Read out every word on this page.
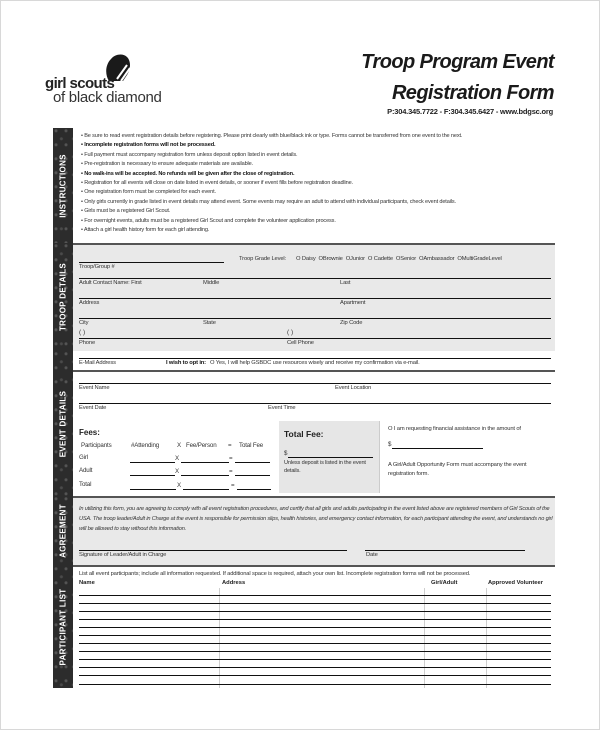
girl scouts
of black diamond
Troop Program Event
Registration Form
P:304.345.7722 - F:304.345.6427 - www.bdgsc.org
INSTRUCTIONS
TROOP DETAILS
EVENT DETAILS
AGREEMENT
PARTICIPANT LIST
• Be sure to read event registration details before registering. Please print clearly with blue/black ink or type. Forms cannot be transferred from one event to the next.
• Incomplete registration forms will not be processed.
• Full payment must accompany registration form unless deposit option listed in event details.
• Pre-registration is necessary to ensure adequate materials are available.
• No walk-ins will be accepted. No refunds will be given after the close of registration.
• Registration for all events will close on date listed in event details, or sooner if event fills before registration deadline.
• One registration form must be completed for each event.
• Only girls currently in grade listed in event details may attend event. Some events may require an adult to attend with individual participants, check event details.
• Girls must be a registered Girl Scout.
• For overnight events, adults must be a registered Girl Scout and complete the volunteer application process.
• Attach a girl health history form for each girl attending.
Troop/Group #
Troop Grade Level: O Daisy OBrownie OJunior O Cadette OSenior OAmbassador OMultiGradeLevel
Adult Contact Name: First	Middle	Last
Address	Apartment
City	State	Zip Code
( )	( )
Phone	Cell Phone
E-Mail Address	I wish to opt in: O Yes, I will help GSBDC use resources wisely and receive my confirmation via e-mail.
Event Name	Event Location
Event Date	Event Time
Fees:
Participants	#Attending	X Fee/Person = Total Fee
Girl	X	=
Adult	X	=
Total	X	=
Total Fee:
$
Unless deposit is listed in the event details.
O I am requesting financial assistance in the amount of
$
A Girl/Adult Opportunity Form must accompany the event registration form.
In utilizing this form, you are agreeing to comply with all event registration procedures, and certify that all girls and adults participating in the event listed above are registered members of Girl Scouts of the USA. The troop leader/Adult in Charge at the event is responsible for permission slips, health histories, and emergency contact information, for each participant attending the event, and understands no girl will be allowed to stay without this information.
Signature of Leader/Adult in Charge	Date
List all event participants; include all information requested. If additional space is required, attach your own list. Incomplete registration forms will not be processed.
Name	Address	Girl/Adult	Approved Volunteer
